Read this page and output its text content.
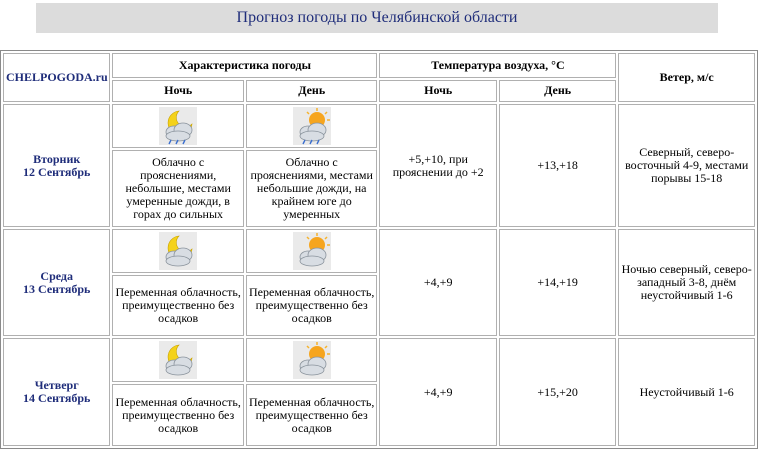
Прогноз погоды по Челябинской области
CHELPOGODA.ru	Характеристика погоды		Температура воздуха, °С		Ветер, м/с
	Ночь	День	Ночь	День	

Вторник
12 Сентябрь			+5,+10, при прояснении до +2	+13,+18	Северный, северо-восточный 4-9, местами порывы 15-18
	Облачно с прояснениями, небольшие, местами умеренные дожди, в горах до сильных	Облачно с прояснениями, местами небольшие дожди, на крайнем юге до умеренных			

Среда
13 Сентябрь			+4,+9	+14,+19	Ночью северный, северо-западный 3-8, днём неустойчивый 1-6
	Переменная облачность, преимущественно без осадков	Переменная облачность, преимущественно без осадков			

Четверг
14 Сентябрь			+4,+9	+15,+20	Неустойчивый 1-6
	Переменная облачность, преимущественно без осадков	Переменная облачность, преимущественно без осадков			
